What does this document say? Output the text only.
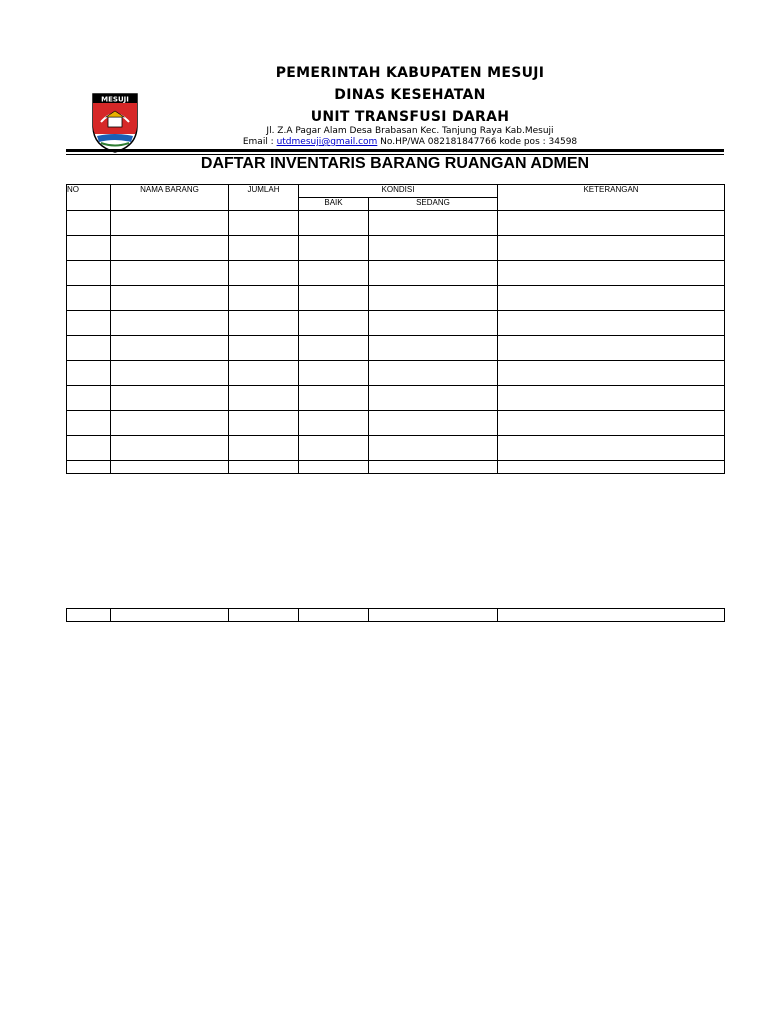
MESUJI
PEMERINTAH KABUPATEN MESUJI
DINAS KESEHATAN
UNIT TRANSFUSI DARAH
Jl. Z.A Pagar Alam Desa Brabasan Kec. Tanjung Raya Kab.Mesuji
Email : utdmesuji@gmail.com No.HP/WA 082181847766 kode pos : 34598
DAFTAR INVENTARIS BARANG RUANGAN ADMEN
NO	NAMA BARANG	JUMLAH	KONDISI		KETERANGAN
			BAIK	SEDANG	
